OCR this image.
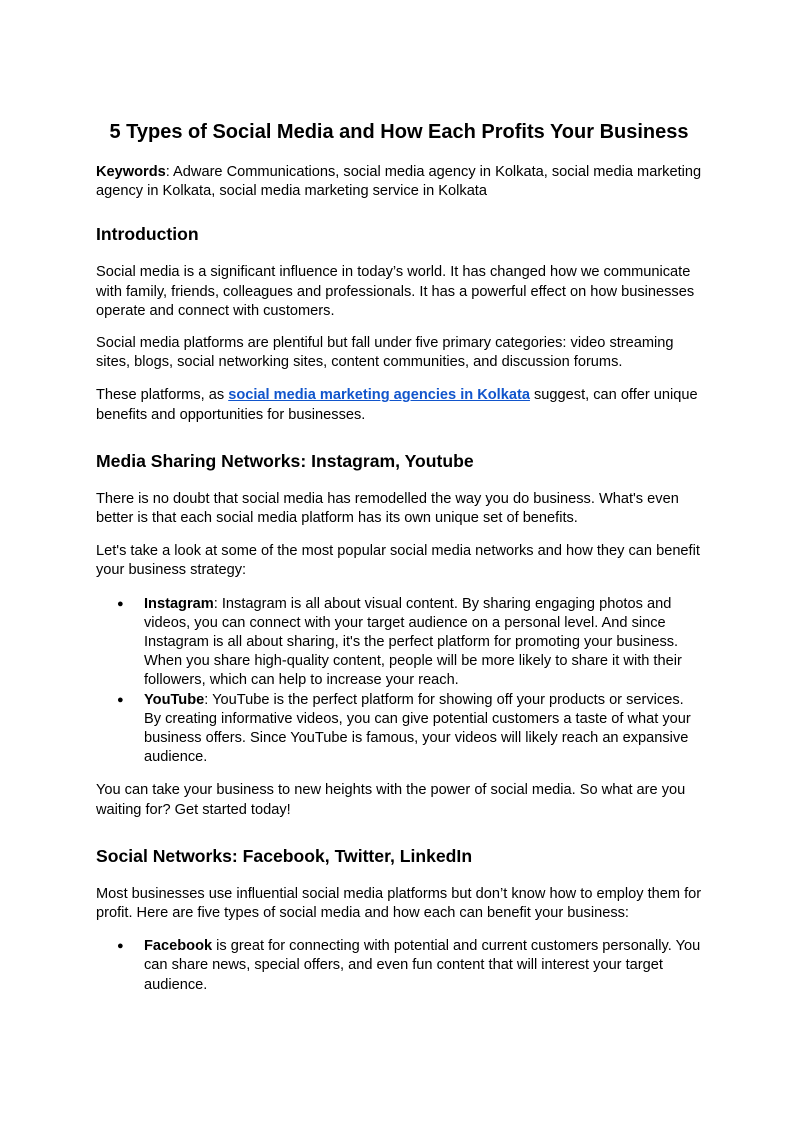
5 Types of Social Media and How Each Profits Your Business

Keywords: Adware Communications, social media agency in Kolkata, social media marketing agency in Kolkata, social media marketing service in Kolkata

Introduction

Social media is a significant influence in today’s world. It has changed how we communicate with family, friends, colleagues and professionals. It has a powerful effect on how businesses operate and connect with customers.

Social media platforms are plentiful but fall under five primary categories: video streaming sites, blogs, social networking sites, content communities, and discussion forums.

These platforms, as social media marketing agencies in Kolkata suggest, can offer unique benefits and opportunities for businesses.

Media Sharing Networks: Instagram, Youtube

There is no doubt that social media has remodelled the way you do business. What's even better is that each social media platform has its own unique set of benefits.

Let's take a look at some of the most popular social media networks and how they can benefit your business strategy:

● Instagram: Instagram is all about visual content. By sharing engaging photos and videos, you can connect with your target audience on a personal level. And since Instagram is all about sharing, it's the perfect platform for promoting your business. When you share high-quality content, people will be more likely to share it with their followers, which can help to increase your reach.
● YouTube: YouTube is the perfect platform for showing off your products or services. By creating informative videos, you can give potential customers a taste of what your business offers. Since YouTube is famous, your videos will likely reach an expansive audience.

You can take your business to new heights with the power of social media. So what are you waiting for? Get started today!

Social Networks: Facebook, Twitter, LinkedIn

Most businesses use influential social media platforms but don’t know how to employ them for profit. Here are five types of social media and how each can benefit your business:

● Facebook is great for connecting with potential and current customers personally. You can share news, special offers, and even fun content that will interest your target audience.
